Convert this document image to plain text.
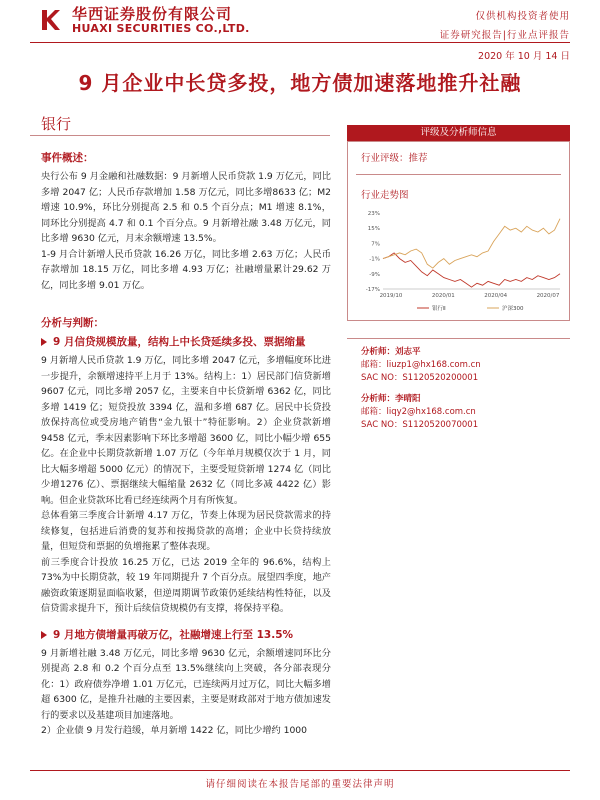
华西证券股份有限公司
HUAXI SECURITIES CO.,LTD.
仅供机构投资者使用
证券研究报告|行业点评报告
2020 年 10 月 14 日
9 月企业中长贷多投，地方债加速落地推升社融
银行

事件概述：

央行公布 9 月金融和社融数据：9 月新增人民币贷款 1.9 万亿元，同比多增 2047 亿；人民币存款增加 1.58 万亿元，同比多增8633 亿；M2 增速 10.9%，环比分别提高 2.5 和 0.5 个百分点；M1 增速 8.1%，同环比分别提高 4.7 和 0.1 个百分点。9 月新增社融 3.48 万亿元，同比多增 9630 亿元，月末余额增速 13.5%。

1-9 月合计新增人民币贷款 16.26 万亿，同比多增 2.63 万亿；人民币存款增加 18.15 万亿，同比多增 4.93 万亿；社融增量累计29.62 万亿，同比多增 9.01 万亿。

分析与判断：

9 月信贷规模放量，结构上中长贷延续多投、票据缩量

9 月新增人民币贷款 1.9 万亿，同比多增 2047 亿元，多增幅度环比进一步提升，余额增速持平上月于 13%。结构上：1）居民部门信贷新增 9607 亿元，同比多增 2057 亿，主要来自中长贷新增 6362 亿，同比多增 1419 亿；短贷投放 3394 亿，温和多增 687 亿。居民中长贷投放保持高位或受房地产销售“金九银十”特征影响。2）企业贷款新增 9458 亿元，季末因素影响下环比多增超 3600 亿，同比小幅少增 655 亿。在企业中长期贷款新增 1.07 万亿（今年单月规模仅次于 1 月，同比大幅多增超 5000 亿元）的情况下，主要受短贷新增 1274 亿（同比少增1276 亿）、票据继续大幅缩量 2632 亿（同比多减 4422 亿）影响。但企业贷款环比看已经连续两个月有所恢复。

总体看第三季度合计新增 4.17 万亿，节奏上体现为居民贷款需求的持续修复，包括进后消费的复苏和按揭贷款的高增；企业中长贷持续放量，但短贷和票据的负增拖累了整体表现。

前三季度合计投放 16.25 万亿，已达 2019 全年的 96.6%，结构上 73%为中长期贷款，较 19 年同期提升 7 个百分点。展望四季度，地产融资政策逐期显面临收紧，但逆周期调节政策仍延续结构性特征，以及信贷需求提升下，预计后续信贷规模仍有支撑，将保持平稳。

9 月地方债增量再破万亿，社融增速上行至 13.5%

9 月新增社融 3.48 万亿元，同比多增 9630 亿元，余额增速同环比分别提高 2.8 和 0.2 个百分点至 13.5%继续向上突破，各分部表现分化：1）政府债券净增 1.01 万亿元，已连续两月过万亿，同比大幅多增超 6300 亿，是推升社融的主要因素，主要是财政部对于地方债加速发行的要求以及基建项目加速落地。

2）企业债 9 月发行趋缓，单月新增 1422 亿，同比少增约 1000

评级及分析师信息
行业评级：推荐
行业走势图
23%
15%
7%
-1%
-9%
-17%
2019/10	2020/01	2020/04	2020/07
银行Ⅱ	沪深300
分析师：刘志平
邮箱：liuzp1@hx168.com.cn
SAC NO：S1120520200001
分析师：李晴阳
邮箱：liqy2@hx168.com.cn
SAC NO：S1120520070001
请仔细阅读在本报告尾部的重要法律声明
